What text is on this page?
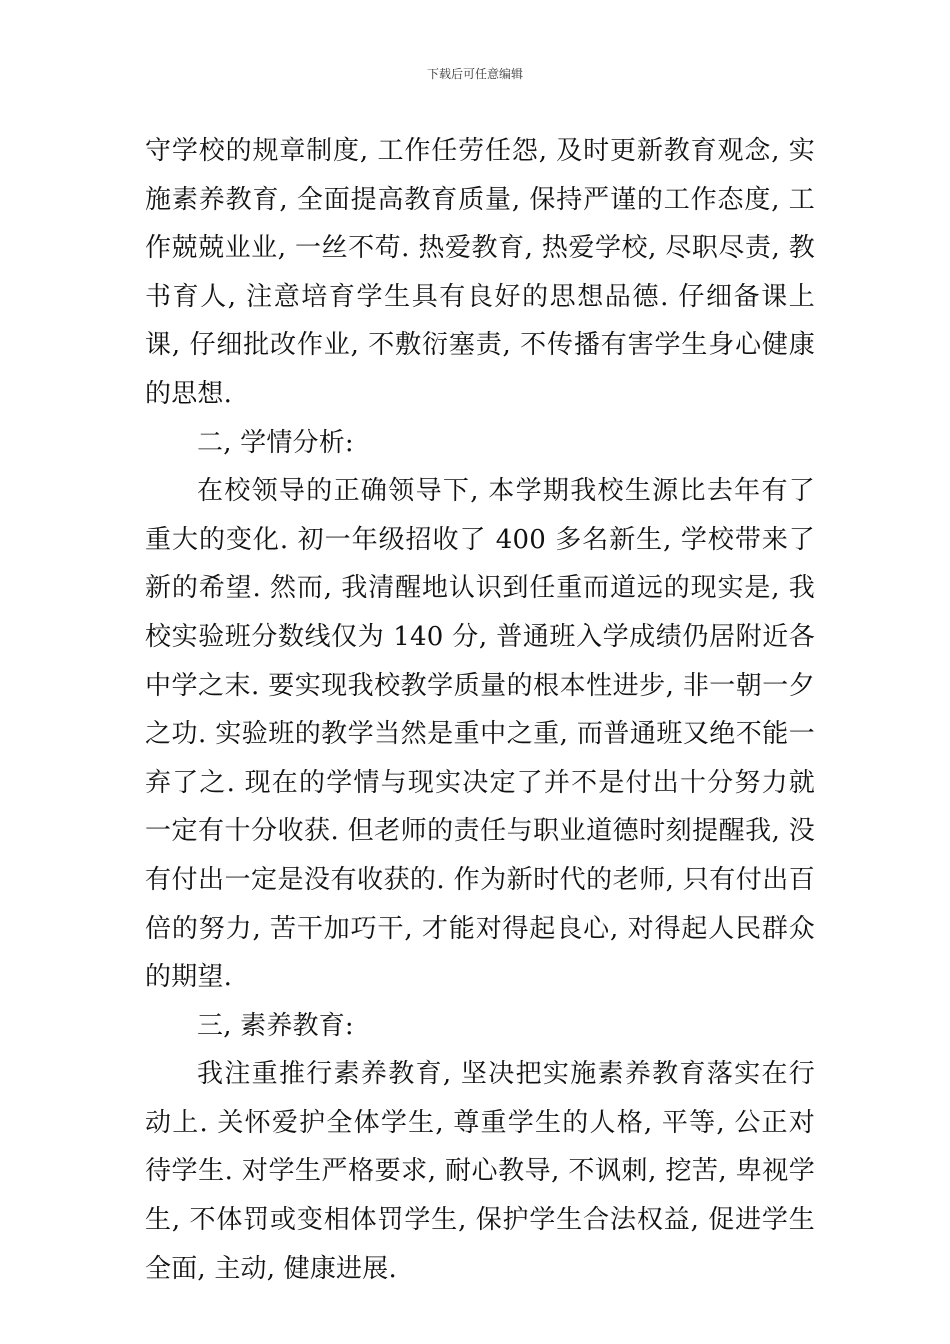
下载后可任意编辑

守学校的规章制度, 工作任劳任怨, 及时更新教育观念, 实施素养教育, 全面提高教育质量, 保持严谨的工作态度, 工作兢兢业业, 一丝不苟. 热爱教育, 热爱学校, 尽职尽责, 教书育人, 注意培育学生具有良好的思想品德. 仔细备课上课, 仔细批改作业, 不敷衍塞责, 不传播有害学生身心健康的思想.

二, 学情分析:

在校领导的正确领导下, 本学期我校生源比去年有了重大的变化. 初一年级招收了 400 多名新生, 学校带来了新的希望. 然而, 我清醒地认识到任重而道远的现实是, 我校实验班分数线仅为 140 分, 普通班入学成绩仍居附近各中学之末. 要实现我校教学质量的根本性进步, 非一朝一夕之功. 实验班的教学当然是重中之重, 而普通班又绝不能一弃了之. 现在的学情与现实决定了并不是付出十分努力就一定有十分收获. 但老师的责任与职业道德时刻提醒我, 没有付出一定是没有收获的. 作为新时代的老师, 只有付出百倍的努力, 苦干加巧干, 才能对得起良心, 对得起人民群众的期望.

三, 素养教育:

我注重推行素养教育, 坚决把实施素养教育落实在行动上. 关怀爱护全体学生, 尊重学生的人格, 平等, 公正对待学生. 对学生严格要求, 耐心教导, 不讽刺, 挖苦, 卑视学生, 不体罚或变相体罚学生, 保护学生合法权益, 促进学生全面, 主动, 健康进展.
